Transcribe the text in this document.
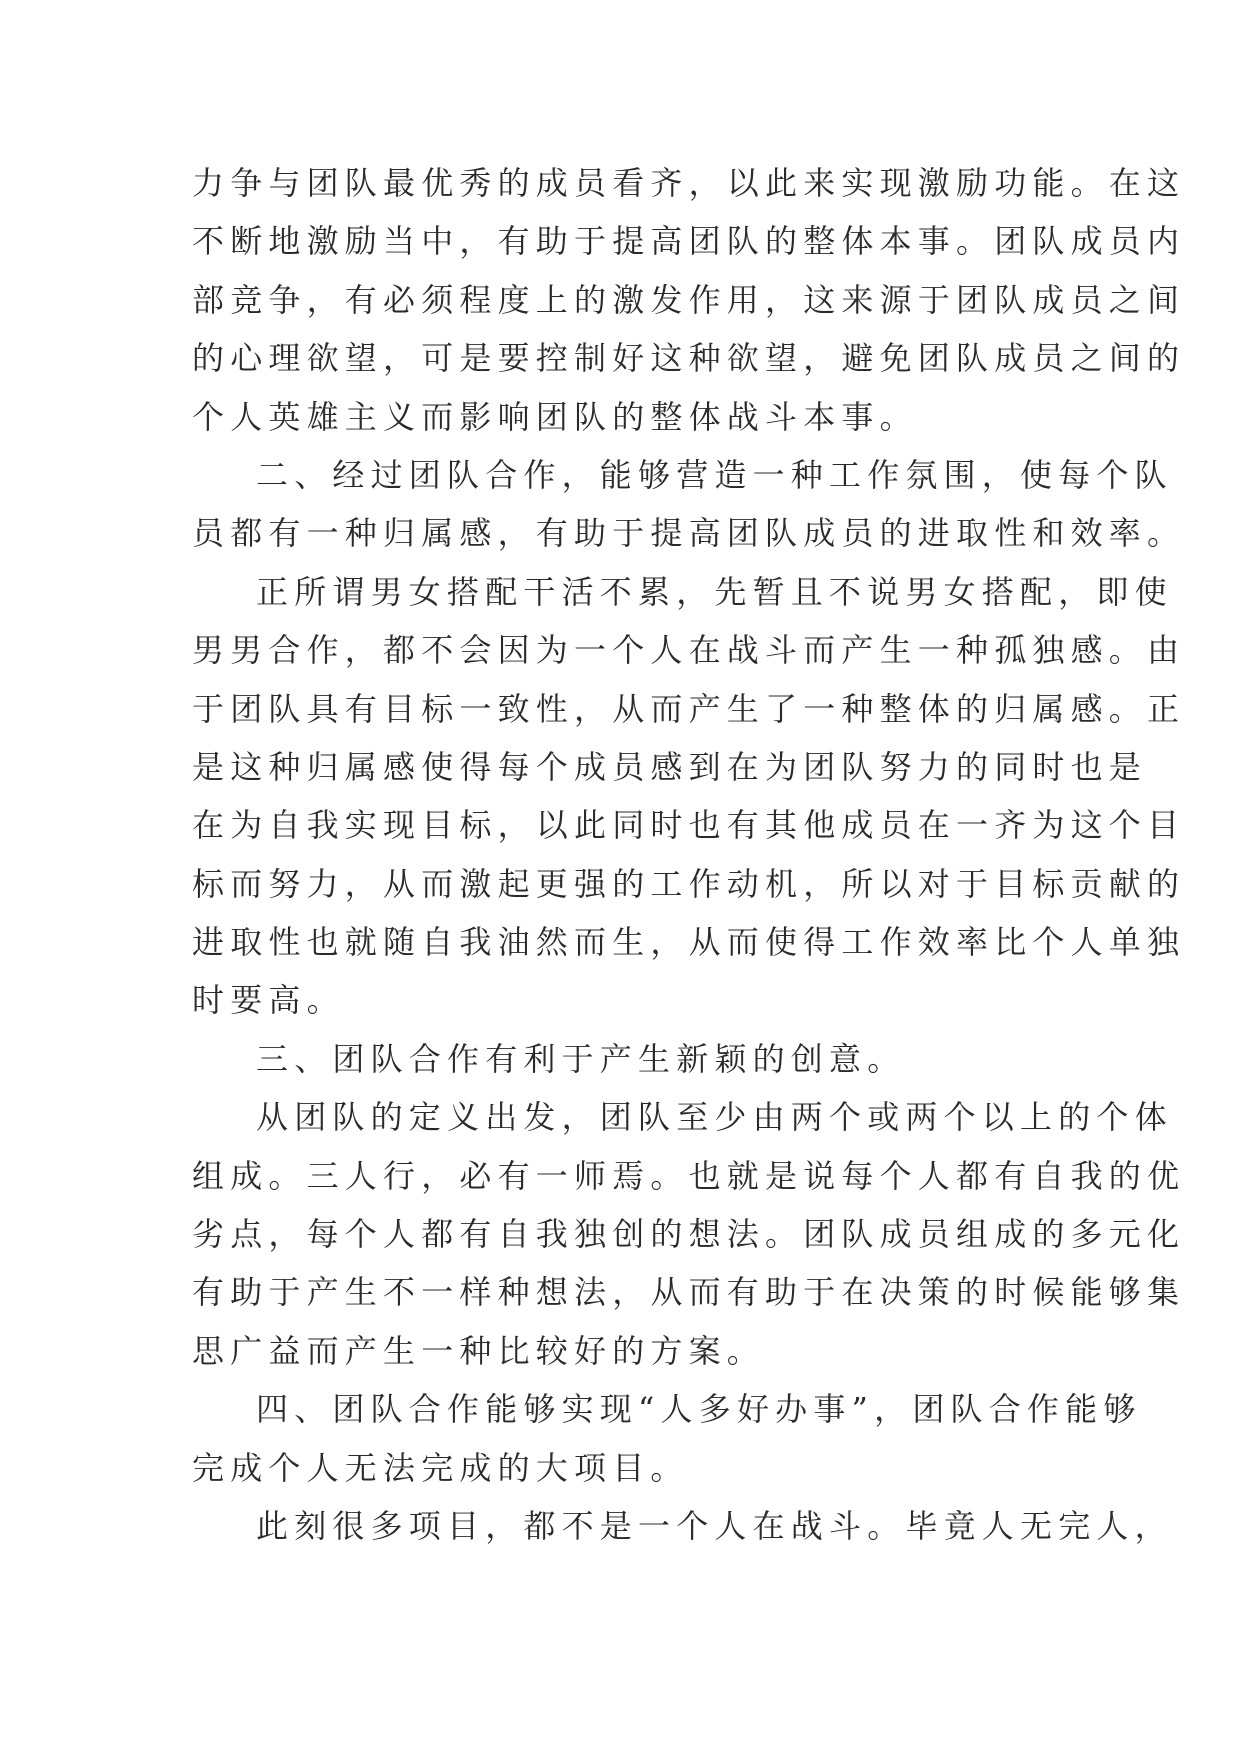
力争与团队最优秀的成员看齐，以此来实现激励功能。在这
不断地激励当中，有助于提高团队的整体本事。团队成员内
部竞争，有必须程度上的激发作用，这来源于团队成员之间
的心理欲望，可是要控制好这种欲望，避免团队成员之间的
个人英雄主义而影响团队的整体战斗本事。
二、经过团队合作，能够营造一种工作氛围，使每个队
员都有一种归属感，有助于提高团队成员的进取性和效率。
正所谓男女搭配干活不累，先暂且不说男女搭配，即使
男男合作，都不会因为一个人在战斗而产生一种孤独感。由
于团队具有目标一致性，从而产生了一种整体的归属感。正
是这种归属感使得每个成员感到在为团队努力的同时也是
在为自我实现目标，以此同时也有其他成员在一齐为这个目
标而努力，从而激起更强的工作动机，所以对于目标贡献的
进取性也就随自我油然而生，从而使得工作效率比个人单独
时要高。
三、团队合作有利于产生新颖的创意。
从团队的定义出发，团队至少由两个或两个以上的个体
组成。三人行，必有一师焉。也就是说每个人都有自我的优
劣点，每个人都有自我独创的想法。团队成员组成的多元化
有助于产生不一样种想法，从而有助于在决策的时候能够集
思广益而产生一种比较好的方案。
四、团队合作能够实现“人多好办事”，团队合作能够
完成个人无法完成的大项目。
此刻很多项目，都不是一个人在战斗。毕竟人无完人，
